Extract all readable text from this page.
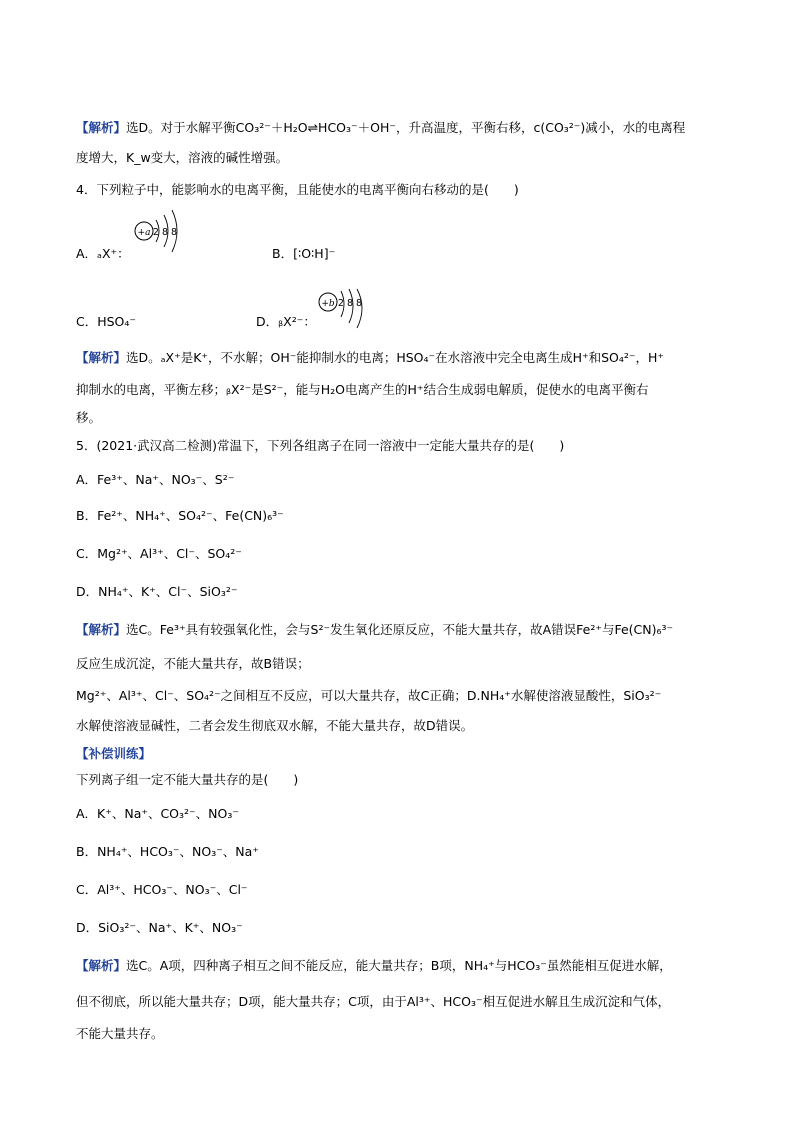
【解析】选D。对于水解平衡CO₃²⁻＋H₂O⇌HCO₃⁻＋OH⁻，升高温度，平衡右移，c(CO₃²⁻)减小，水的电离程
度增大，K_w变大，溶液的碱性增强。
4．下列粒子中，能影响水的电离平衡，且能使水的电离平衡向右移动的是(　　)
A．ₐX⁺：
+a 2 8 8
B．[∶O∶H]⁻
C．HSO₄⁻	D．ᵦX²⁻：
+b 2 8 8
【解析】选D。ₐX⁺是K⁺，不水解；OH⁻能抑制水的电离；HSO₄⁻在水溶液中完全电离生成H⁺和SO₄²⁻，H⁺
抑制水的电离，平衡左移；ᵦX²⁻是S²⁻，能与H₂O电离产生的H⁺结合生成弱电解质，促使水的电离平衡右
移。
5．(2021·武汉高二检测)常温下，下列各组离子在同一溶液中一定能大量共存的是(　　)
A．Fe³⁺、Na⁺、NO₃⁻、S²⁻
B．Fe²⁺、NH₄⁺、SO₄²⁻、Fe(CN)₆³⁻
C．Mg²⁺、Al³⁺、Cl⁻、SO₄²⁻
D．NH₄⁺、K⁺、Cl⁻、SiO₃²⁻
【解析】选C。Fe³⁺具有较强氧化性，会与S²⁻发生氧化还原反应，不能大量共存，故A错误Fe²⁺与Fe(CN)₆³⁻
反应生成沉淀，不能大量共存，故B错误；
Mg²⁺、Al³⁺、Cl⁻、SO₄²⁻之间相互不反应，可以大量共存，故C正确；D.NH₄⁺水解使溶液显酸性，SiO₃²⁻
水解使溶液显碱性，二者会发生彻底双水解，不能大量共存，故D错误。
【补偿训练】
下列离子组一定不能大量共存的是(　　)
A．K⁺、Na⁺、CO₃²⁻、NO₃⁻
B．NH₄⁺、HCO₃⁻、NO₃⁻、Na⁺
C．Al³⁺、HCO₃⁻、NO₃⁻、Cl⁻
D．SiO₃²⁻、Na⁺、K⁺、NO₃⁻
【解析】选C。A项，四种离子相互之间不能反应，能大量共存；B项，NH₄⁺与HCO₃⁻虽然能相互促进水解，
但不彻底，所以能大量共存；D项，能大量共存；C项，由于Al³⁺、HCO₃⁻相互促进水解且生成沉淀和气体，
不能大量共存。
